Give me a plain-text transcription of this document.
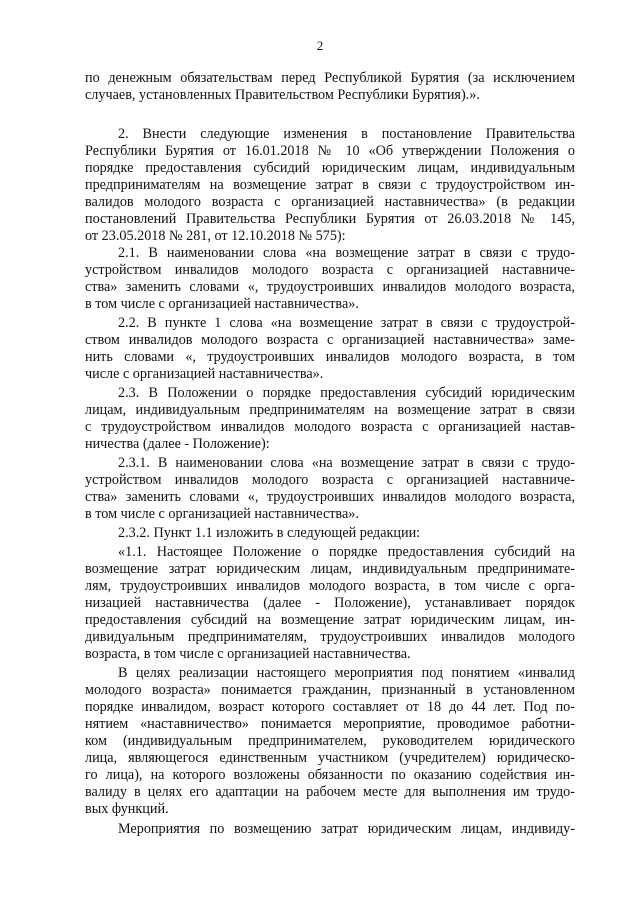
2
по денежным обязательствам перед Республикой Бурятия (за исключением
случаев, установленных Правительством Республики Бурятия).».
2. Внести следующие изменения в постановление Правительства
Республики Бурятия от 16.01.2018 № 10 «Об утверждении Положения о
порядке предоставления субсидий юридическим лицам, индивидуальным
предпринимателям на возмещение затрат в связи с трудоустройством ин-
валидов молодого возраста с организацией наставничества» (в редакции
постановлений Правительства Республики Бурятия от 26.03.2018 № 145,
от 23.05.2018 № 281, от 12.10.2018 № 575):
2.1. В наименовании слова «на возмещение затрат в связи с трудо-
устройством инвалидов молодого возраста с организацией наставниче-
ства» заменить словами «, трудоустроивших инвалидов молодого возраста,
в том числе с организацией наставничества».
2.2. В пункте 1 слова «на возмещение затрат в связи с трудоустрой-
ством инвалидов молодого возраста с организацией наставничества» заме-
нить словами «, трудоустроивших инвалидов молодого возраста, в том
числе с организацией наставничества».
2.3. В Положении о порядке предоставления субсидий юридическим
лицам, индивидуальным предпринимателям на возмещение затрат в связи
с трудоустройством инвалидов молодого возраста с организацией настав-
ничества (далее - Положение):
2.3.1. В наименовании слова «на возмещение затрат в связи с трудо-
устройством инвалидов молодого возраста с организацией наставниче-
ства» заменить словами «, трудоустроивших инвалидов молодого возраста,
в том числе с организацией наставничества».
2.3.2. Пункт 1.1 изложить в следующей редакции:
«1.1. Настоящее Положение о порядке предоставления субсидий на
возмещение затрат юридическим лицам, индивидуальным предпринимате-
лям, трудоустроивших инвалидов молодого возраста, в том числе с орга-
низацией наставничества (далее - Положение), устанавливает порядок
предоставления субсидий на возмещение затрат юридическим лицам, ин-
дивидуальным предпринимателям, трудоустроивших инвалидов молодого
возраста, в том числе с организацией наставничества.
В целях реализации настоящего мероприятия под понятием «инвалид
молодого возраста» понимается гражданин, признанный в установленном
порядке инвалидом, возраст которого составляет от 18 до 44 лет. Под по-
нятием «наставничество» понимается мероприятие, проводимое работни-
ком (индивидуальным предпринимателем, руководителем юридического
лица, являющегося единственным участником (учредителем) юридическо-
го лица), на которого возложены обязанности по оказанию содействия ин-
валиду в целях его адаптации на рабочем месте для выполнения им трудо-
вых функций.
Мероприятия по возмещению затрат юридическим лицам, индивиду-
